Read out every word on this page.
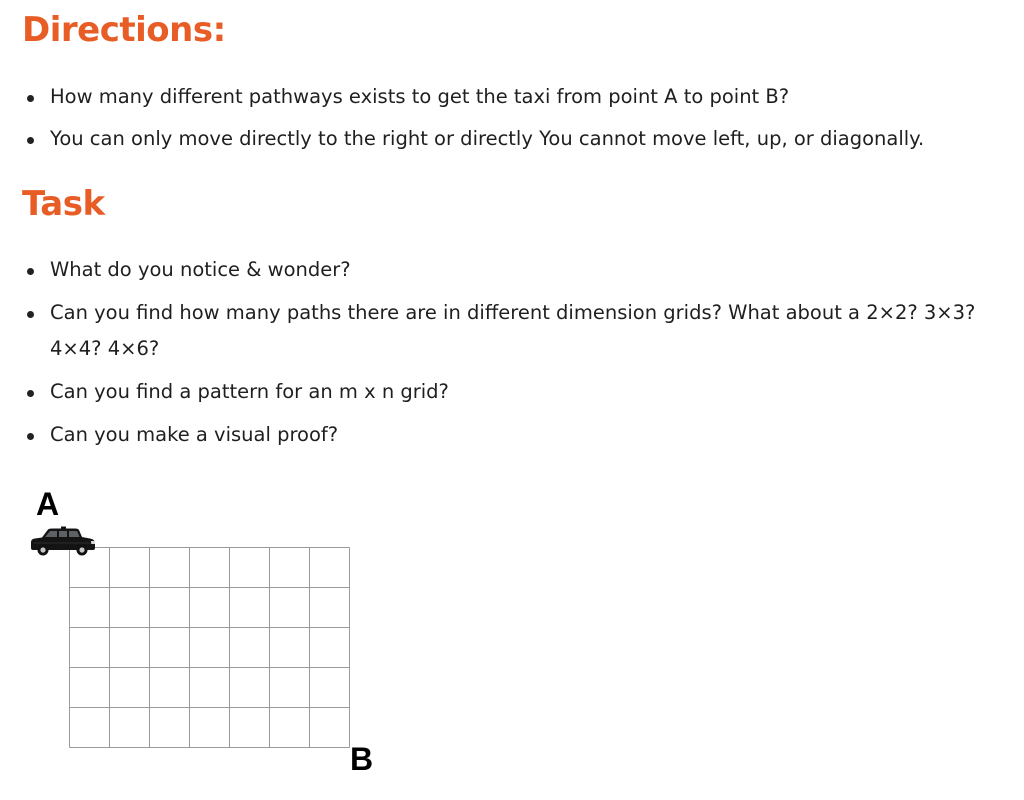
Directions:
How many different pathways exists to get the taxi from point A to point B?
You can only move directly to the right or directly You cannot move left, up, or diagonally.
Task
What do you notice & wonder?
Can you find how many paths there are in different dimension grids? What about a 2×2? 3×3? 4×4? 4×6?
Can you find a pattern for an m x n grid?
Can you make a visual proof?
A
B
